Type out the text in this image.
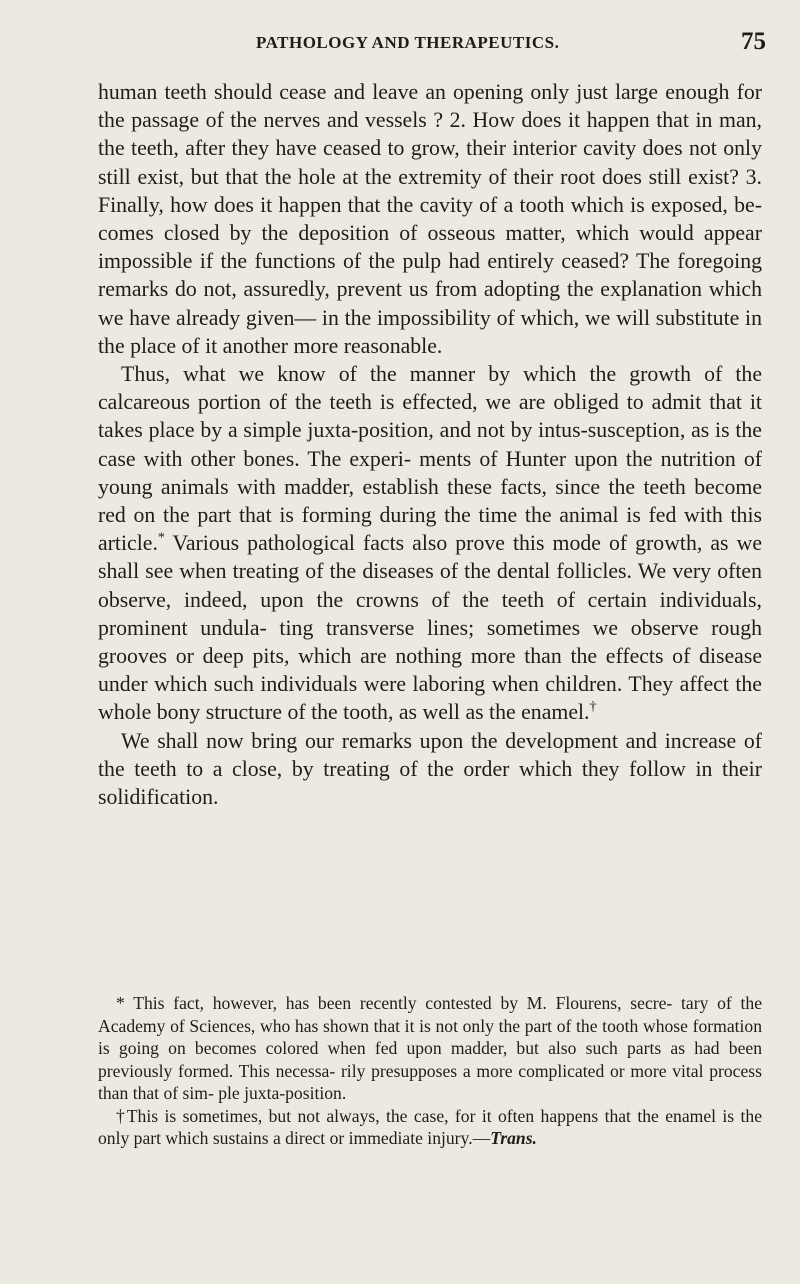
PATHOLOGY AND THERAPEUTICS.	75

human teeth should cease and leave an opening only just large enough for the passage of the nerves and vessels ? 2. How does it happen that in man, the teeth, after they have ceased to grow, their interior cavity does not only still exist, but that the hole at the extremity of their root does still exist? 3. Finally, how does it happen that the cavity of a tooth which is exposed, be- comes closed by the deposition of osseous matter, which would appear impossible if the functions of the pulp had entirely ceased? The foregoing remarks do not, assuredly, prevent us from adopting the explanation which we have already given— in the impossibility of which, we will substitute in the place of it another more reasonable.

Thus, what we know of the manner by which the growth of the calcareous portion of the teeth is effected, we are obliged to admit that it takes place by a simple juxta-position, and not by intus-susception, as is the case with other bones. The experi- ments of Hunter upon the nutrition of young animals with madder, establish these facts, since the teeth become red on the part that is forming during the time the animal is fed with this article.* Various pathological facts also prove this mode of growth, as we shall see when treating of the diseases of the dental follicles. We very often observe, indeed, upon the crowns of the teeth of certain individuals, prominent undula- ting transverse lines; sometimes we observe rough grooves or deep pits, which are nothing more than the effects of disease under which such individuals were laboring when children. They affect the whole bony structure of the tooth, as well as the enamel.†

We shall now bring our remarks upon the development and increase of the teeth to a close, by treating of the order which they follow in their solidification.

* This fact, however, has been recently contested by M. Flourens, secre- tary of the Academy of Sciences, who has shown that it is not only the part of the tooth whose formation is going on becomes colored when fed upon madder, but also such parts as had been previously formed. This necessa- rily presupposes a more complicated or more vital process than that of sim- ple juxta-position.

†This is sometimes, but not always, the case, for it often happens that the enamel is the only part which sustains a direct or immediate injury.—Trans.
